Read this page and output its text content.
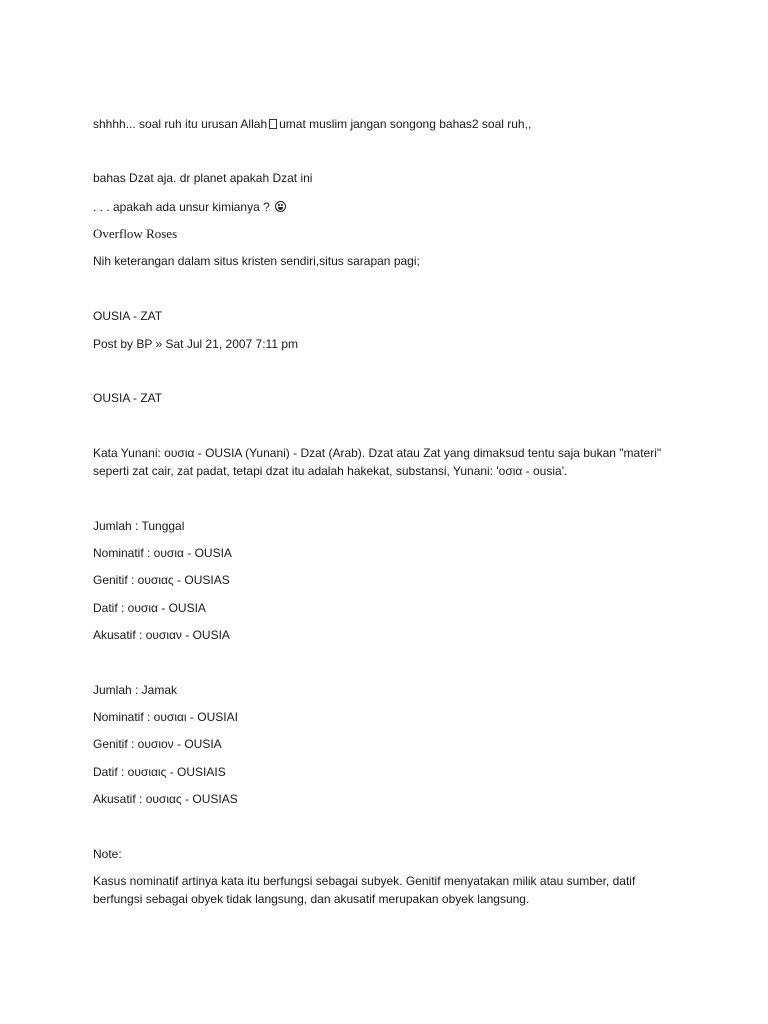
shhhh... soal ruh itu urusan Allah umat muslim jangan songong bahas2 soal ruh,,
bahas Dzat aja. dr planet apakah Dzat ini
. . . apakah ada unsur kimianya ?
Overflow Roses
Nih keterangan dalam situs kristen sendiri,situs sarapan pagi;
OUSIA - ZAT
Post by BP » Sat Jul 21, 2007 7:11 pm
OUSIA - ZAT
Kata Yunani: ουσια - OUSIA (Yunani) - Dzat (Arab). Dzat atau Zat yang dimaksud tentu saja bukan "materi" seperti zat cair, zat padat, tetapi dzat itu adalah hakekat, substansi, Yunani: 'οσια - ousia'.
Jumlah : Tunggal
Nominatif : ουσια - OUSIA
Genitif : ουσιας - OUSIAS
Datif : ουσια - OUSIA
Akusatif : ουσιαν - OUSIA
Jumlah : Jamak
Nominatif : ουσιαι - OUSIAI
Genitif : ουσιον - OUSIA
Datif : ουσιαις - OUSIAIS
Akusatif : ουσιας - OUSIAS
Note:
Kasus nominatif artinya kata itu berfungsi sebagai subyek. Genitif menyatakan milik atau sumber, datif berfungsi sebagai obyek tidak langsung, dan akusatif merupakan obyek langsung.
